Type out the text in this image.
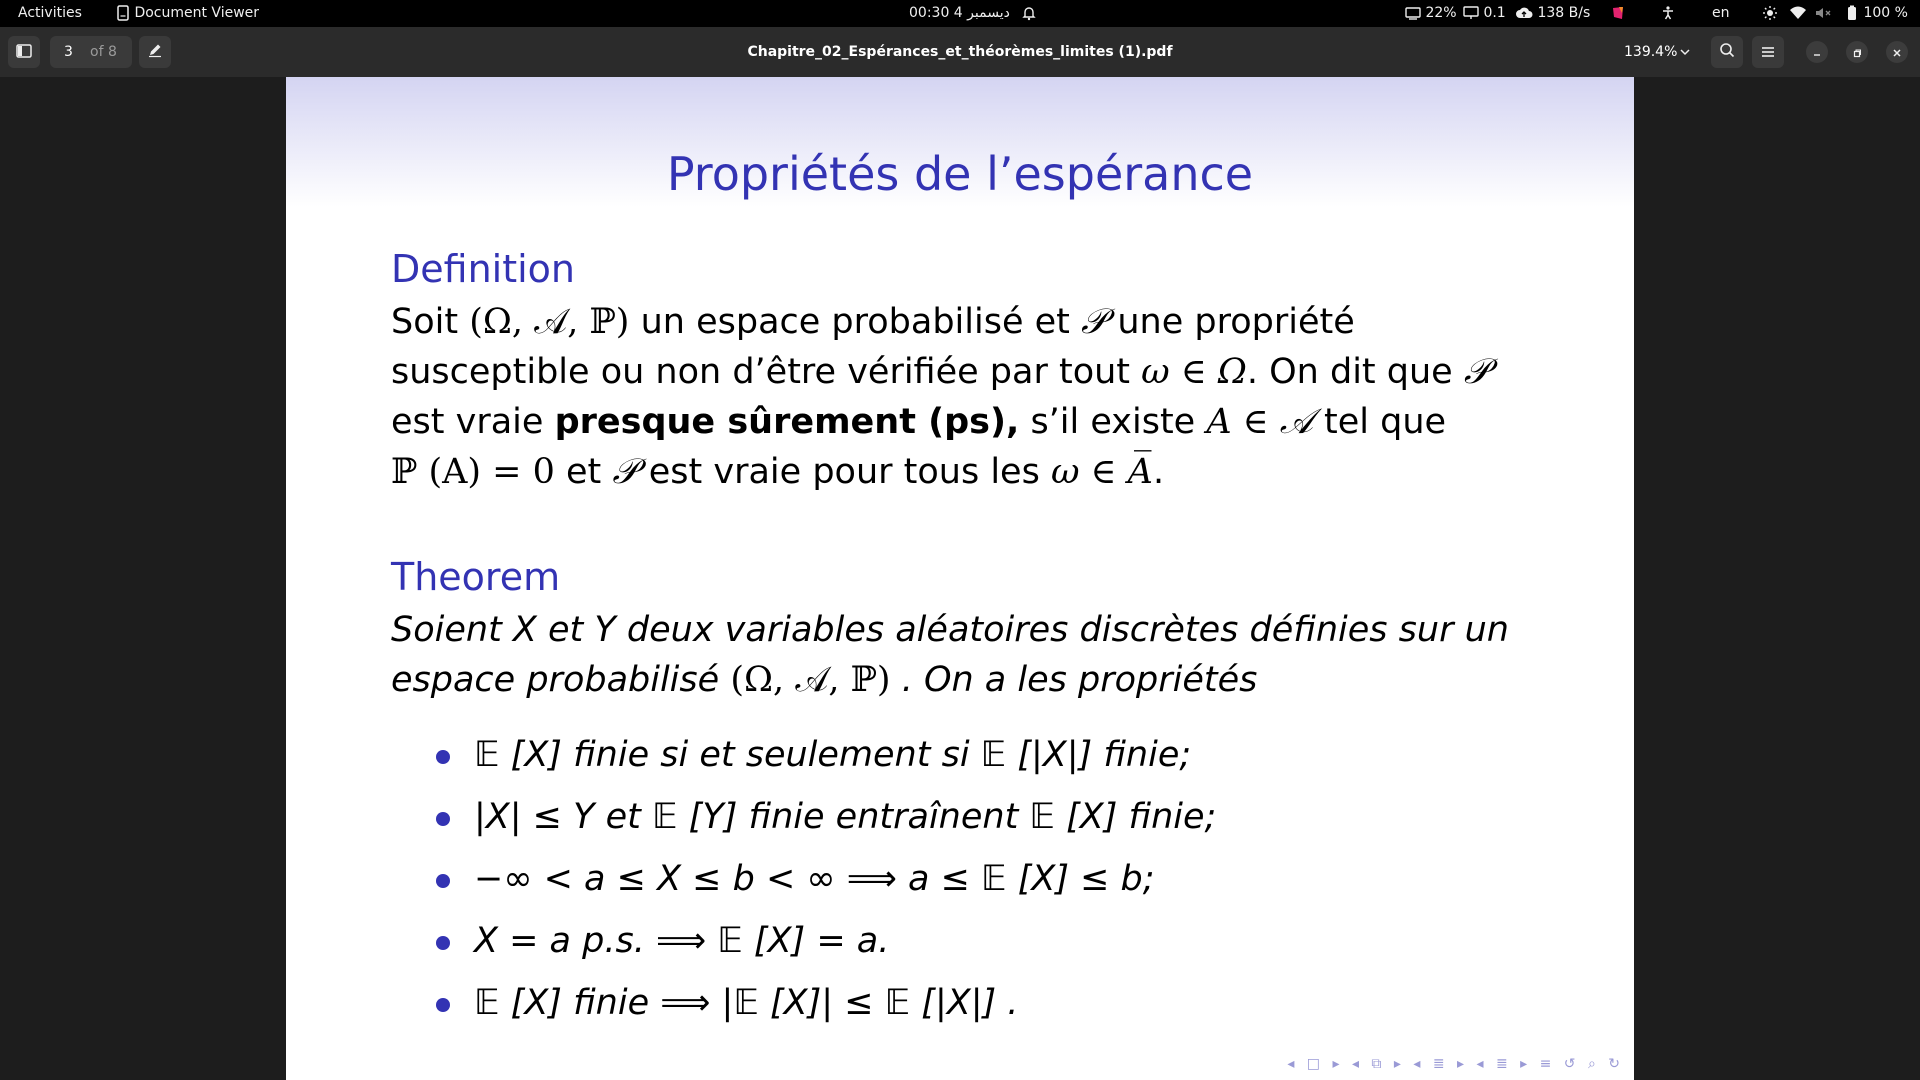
Activities	Document Viewer	00:30 4 ديسمبر	22%	0.1	138 B/s	en	100 %
3 of 8	Chapitre_02_Espérances_et_théorèmes_limites (1).pdf	139.4%
Propriétés de l’espérance
Definition
Soit (Ω, 𝒜, ℙ) un espace probabilisé et 𝒫 une propriété
susceptible ou non d’être vérifiée par tout ω ∈ Ω. On dit que 𝒫
est vraie presque sûrement (ps), s’il existe A ∈ 𝒜 tel que
ℙ (A) = 0 et 𝒫 est vraie pour tous les ω ∈ A̅.
Theorem
Soient X et Y deux variables aléatoires discrètes définies sur un
espace probabilisé (Ω, 𝒜, ℙ) . On a les propriétés
𝔼 [X] finie si et seulement si 𝔼 [|X|] finie;
|X| ≤ Y et 𝔼 [Y] finie entraînent 𝔼 [X] finie;
−∞ < a ≤ X ≤ b < ∞ ⟹ a ≤ 𝔼 [X] ≤ b;
X = a p.s. ⟹ 𝔼 [X] = a.
𝔼 [X] finie ⟹ |𝔼 [X]| ≤ 𝔼 [|X|] .
◂ □ ▸ ◂ ⧉ ▸ ◂ ≣ ▸ ◂ ≣ ▸ ≡ ↺ ⌕ ↻
